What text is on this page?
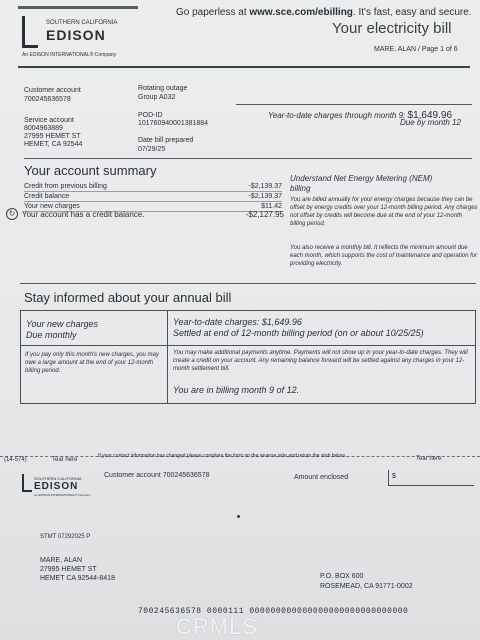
SOUTHERN CALIFORNIA
EDISON
An EDISON INTERNATIONAL® Company
Go paperless at www.sce.com/ebilling. It's fast, easy and secure.
Your electricity bill
MARE, ALAN / Page 1 of 6
Customer account
700245636578
Rotating outage
Group A032
Service account
8004963889
27995 HEMET ST
HEMET, CA 92544
POD-ID
101760940001381884
Date bill prepared
07/29/25
Year-to-date charges through month 9: $1,649.96
Due by month 12
Your account summary
Credit from previous billing	-$2,139.37
Credit balance	-$2,139.37
Your new charges	$11.42
↻ Your account has a credit balance.	-$2,127.95
Understand Net Energy Metering (NEM)
billing
You are billed annually for your energy charges because they can be offset by energy credits over your 12-month billing period. Any charges not offset by credits will become due at the end of your 12-month billing period.
You also receive a monthly bill. It reflects the minimum amount due each month, which supports the cost of maintenance and operation for providing electricity.
Stay informed about your annual bill
Your new charges
Due monthly
Year-to-date charges: $1,649.96
Settled at end of 12-month billing period (on or about 10/25/25)
If you pay only this month's new charges, you may owe a large amount at the end of your 12-month billing period.
You may make additional payments anytime. Payments will not show up in your year-to-date charges. They will create a credit on your account. Any remaining balance forward will be settled against any charges in your 12-month settlement bill.
You are in billing month 9 of 12.
(14-574)	Tear here
If your contact information has changed please complete the form on the reverse side and return the stub below.	Tear here
SOUTHERN CALIFORNIA
EDISON
An EDISON INTERNATIONAL® Company
Customer account 700245636578	Amount enclosed	$
STMT 07292025 P
MARE, ALAN
27995 HEMET ST
HEMET CA 92544-8418	P.O. BOX 600
ROSEMEAD, CA 91771-0002
700245636578 0000111 000000000000000000000000000000
CRMLS
